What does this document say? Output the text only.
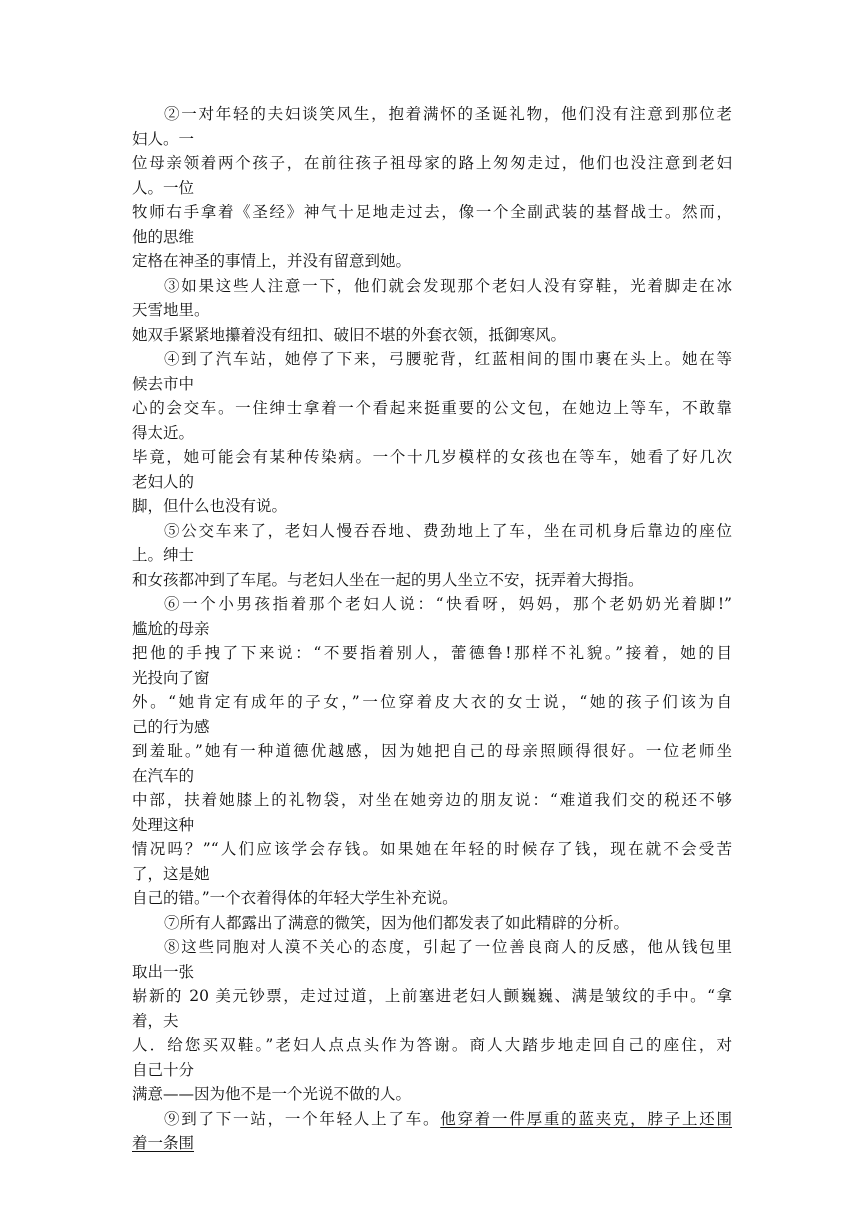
②一对年轻的夫妇谈笑风生，抱着满怀的圣诞礼物，他们没有注意到那位老
妇人。一
位母亲领着两个孩子，在前往孩子祖母家的路上匆匆走过，他们也没注意到老妇
人。一位
牧师右手拿着《圣经》神气十足地走过去，像一个全副武装的基督战士。然而，
他的思维
定格在神圣的事情上，并没有留意到她。
③如果这些人注意一下，他们就会发现那个老妇人没有穿鞋，光着脚走在冰
天雪地里。
她双手紧紧地攥着没有纽扣、破旧不堪的外套衣领，抵御寒风。
④到了汽车站，她停了下来，弓腰驼背，红蓝相间的围巾裹在头上。她在等
候去市中
心的会交车。一住绅士拿着一个看起来挺重要的公文包，在她边上等车，不敢靠
得太近。
毕竟，她可能会有某种传染病。一个十几岁模样的女孩也在等车，她看了好几次
老妇人的
脚，但什么也没有说。
⑤公交车来了，老妇人慢吞吞地、费劲地上了车，坐在司机身后靠边的座位
上。绅士
和女孩都冲到了车尾。与老妇人坐在一起的男人坐立不安，抚弄着大拇指。
⑥一个小男孩指着那个老妇人说：“快看呀，妈妈，那个老奶奶光着脚!”
尴尬的母亲
把他的手拽了下来说：“不要指着别人，蕾德鲁!那样不礼貌。”接着，她的目
光投向了窗
外。“她肯定有成年的子女，”一位穿着皮大衣的女士说，“她的孩子们该为自
己的行为感
到羞耻。”她有一种道德优越感，因为她把自己的母亲照顾得很好。一位老师坐
在汽车的
中部，扶着她膝上的礼物袋，对坐在她旁边的朋友说：“难道我们交的税还不够
处理这种
情况吗？”“人们应该学会存钱。如果她在年轻的时候存了钱，现在就不会受苦
了，这是她
自己的错。”一个衣着得体的年轻大学生补充说。
⑦所有人都露出了满意的微笑，因为他们都发表了如此精辟的分析。
⑧这些同胞对人漠不关心的态度，引起了一位善良商人的反感，他从钱包里
取出一张
崭新的 20 美元钞票，走过过道，上前塞进老妇人颤巍巍、满是皱纹的手中。“拿
着，夫
人．给您买双鞋。”老妇人点点头作为答谢。商人大踏步地走回自己的座住，对
自己十分
满意——因为他不是一个光说不做的人。
⑨到了下一站，一个年轻人上了车。他穿着一件厚重的蓝夹克，脖子上还围
着一条围
